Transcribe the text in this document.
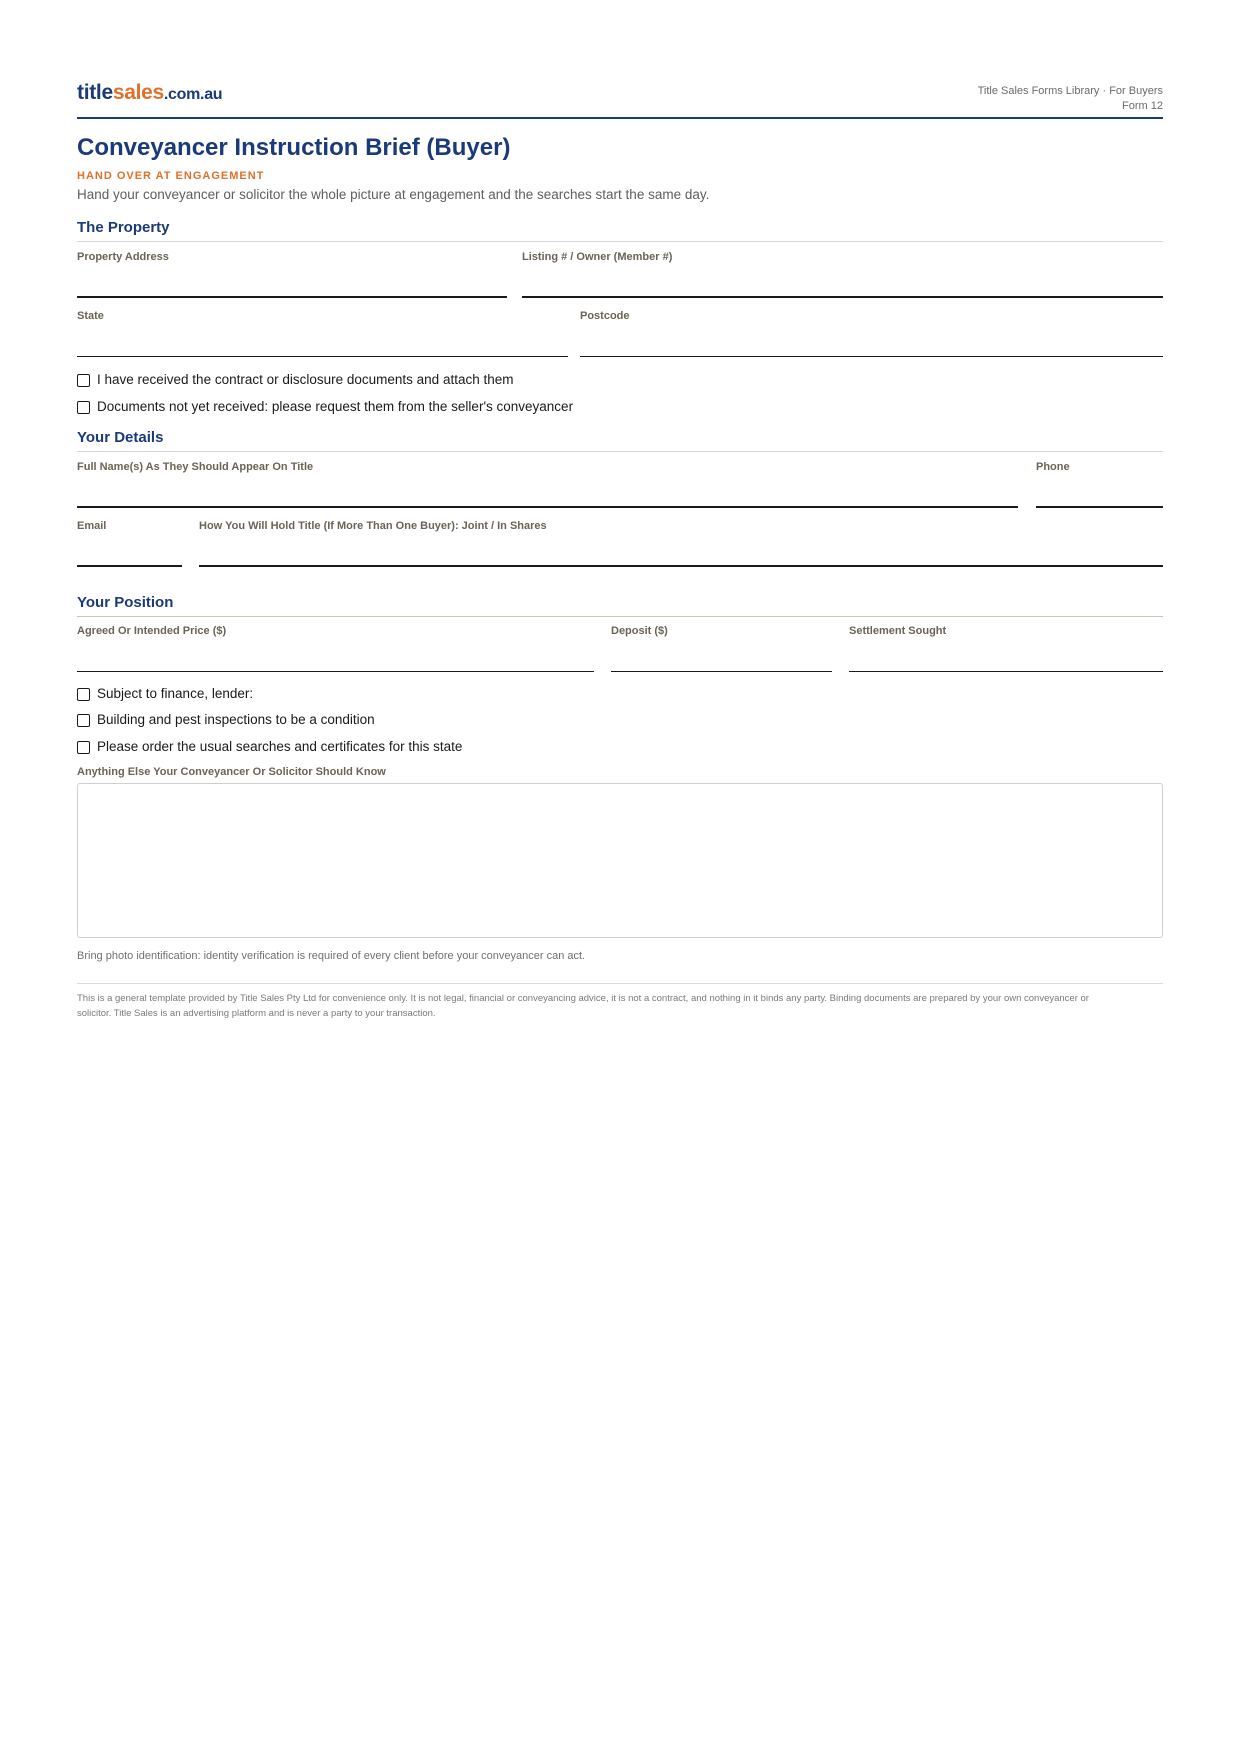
titlesales.com.au	Title Sales Forms Library · For Buyers
Form 12
Conveyancer Instruction Brief (Buyer)
HAND OVER AT ENGAGEMENT
Hand your conveyancer or solicitor the whole picture at engagement and the searches start the same day.
The Property
Property Address	Listing # / Owner (Member #)
State	Postcode
I have received the contract or disclosure documents and attach them
Documents not yet received: please request them from the seller's conveyancer
Your Details
Full Name(s) As They Should Appear On Title	Phone
Email	How You Will Hold Title (If More Than One Buyer): Joint / In Shares
Your Position
Agreed Or Intended Price ($)	Deposit ($)	Settlement Sought
Subject to finance, lender:
Building and pest inspections to be a condition
Please order the usual searches and certificates for this state
Anything Else Your Conveyancer Or Solicitor Should Know
Bring photo identification: identity verification is required of every client before your conveyancer can act.
This is a general template provided by Title Sales Pty Ltd for convenience only. It is not legal, financial or conveyancing advice, it is not a contract, and nothing in it binds any party. Binding documents are prepared by your own conveyancer or solicitor. Title Sales is an advertising platform and is never a party to your transaction.
